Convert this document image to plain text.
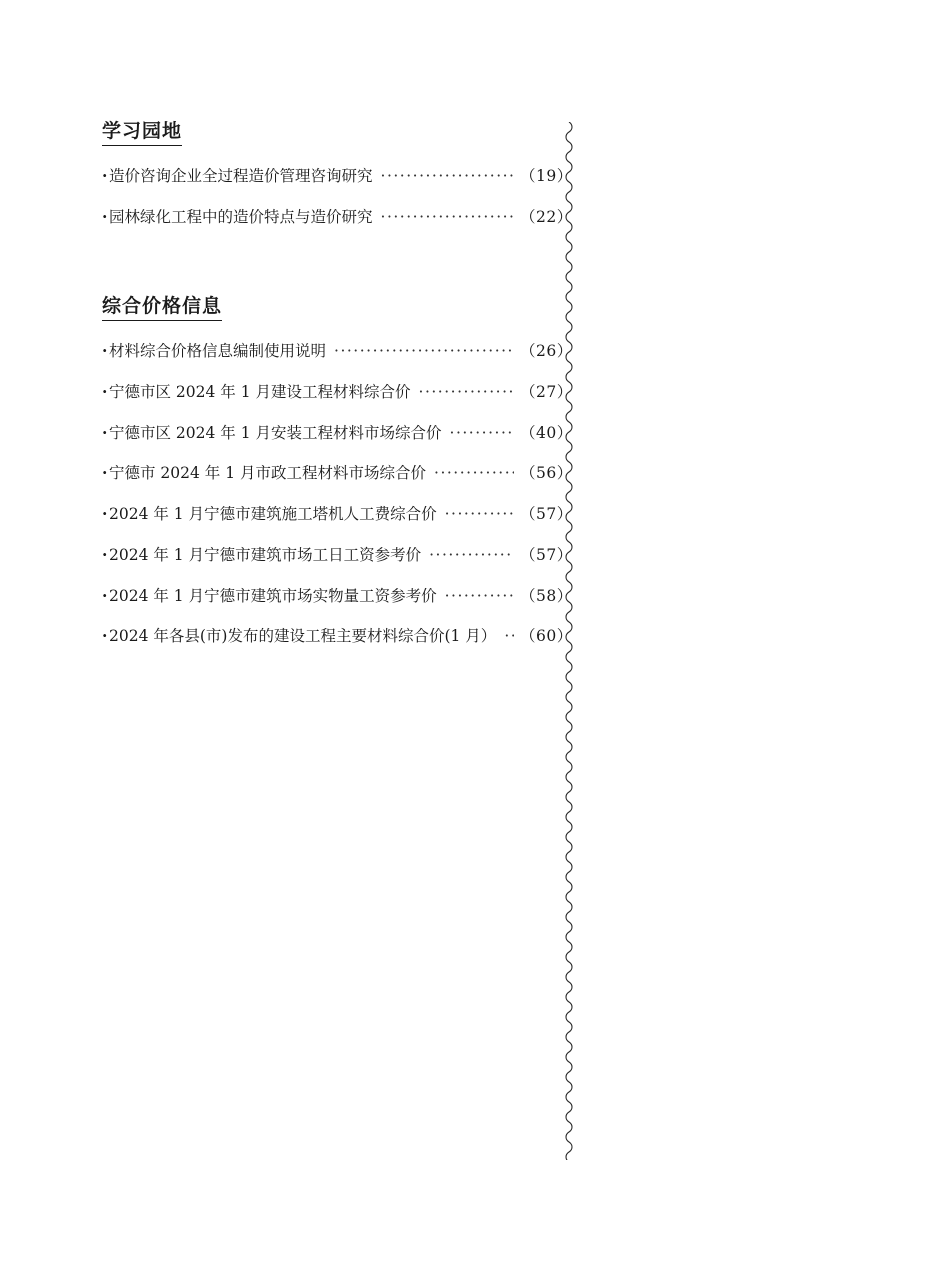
学习园地
· 造价咨询企业全过程造价管理咨询研究 ·····	（19）
· 园林绿化工程中的造价特点与造价研究 ·····	（22）
综合价格信息
· 材料综合价格信息编制使用说明 ·····	（26）
· 宁德市区 2024 年 1 月建设工程材料综合价 ·····	（27）
· 宁德市区 2024 年 1 月安装工程材料市场综合价 ·····	（40）
· 宁德市 2024 年 1 月市政工程材料市场综合价 ·····	（56）
· 2024 年 1 月宁德市建筑施工塔机人工费综合价 ·····	（57）
· 2024 年 1 月宁德市建筑市场工日工资参考价 ·····	（57）
· 2024 年 1 月宁德市建筑市场实物量工资参考价 ·····	（58）
· 2024 年各县(市)发布的建设工程主要材料综合价(1 月） ····· （60）
